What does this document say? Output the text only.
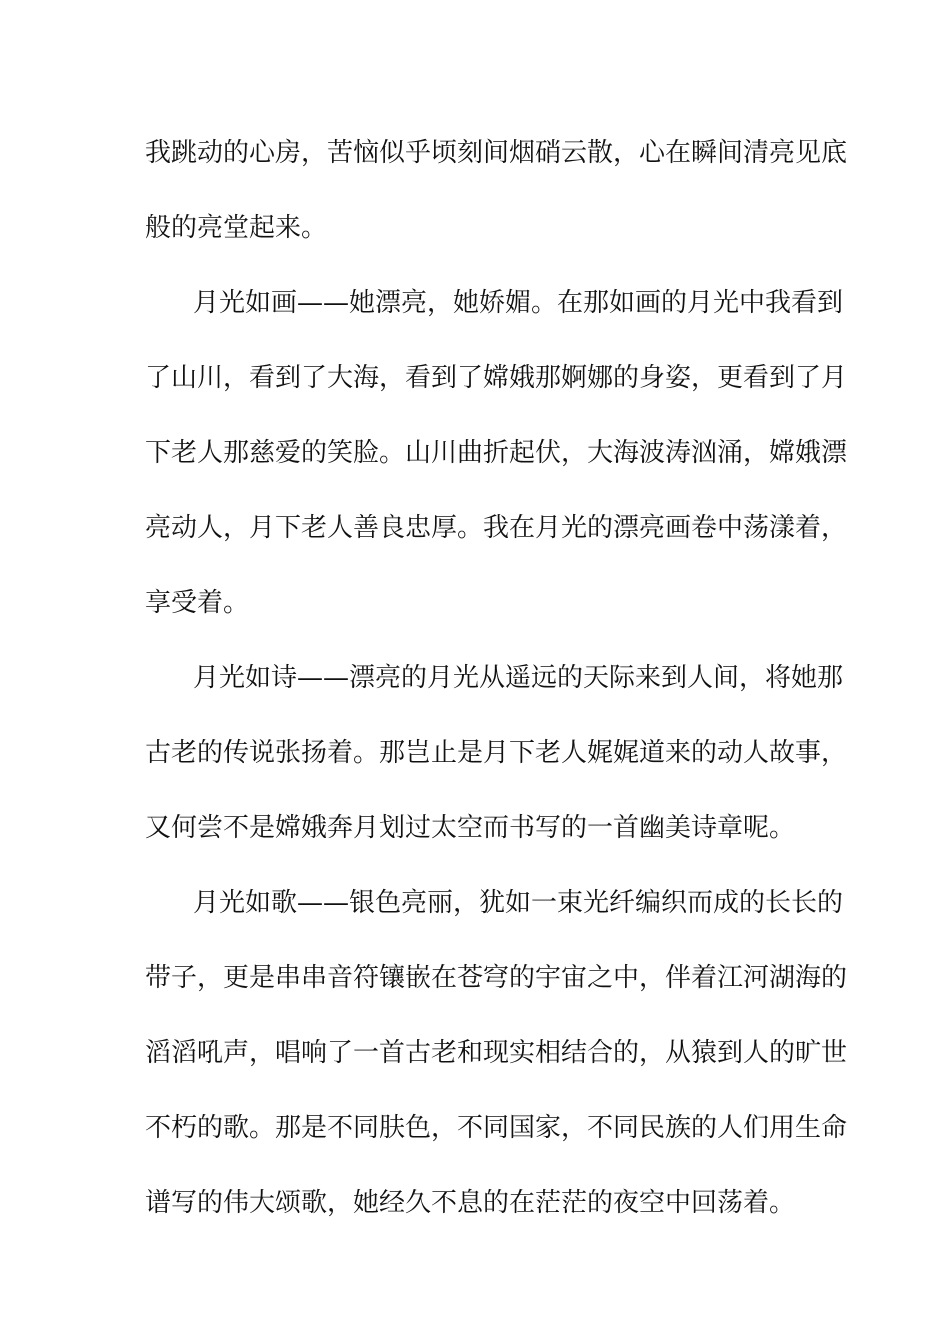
我跳动的心房，苦恼似乎顷刻间烟硝云散，心在瞬间清亮见底
般的亮堂起来。
月光如画——她漂亮，她娇媚。在那如画的月光中我看到
了山川，看到了大海，看到了嫦娥那婀娜的身姿，更看到了月
下老人那慈爱的笑脸。山川曲折起伏，大海波涛汹涌，嫦娥漂
亮动人，月下老人善良忠厚。我在月光的漂亮画卷中荡漾着，
享受着。
月光如诗——漂亮的月光从遥远的天际来到人间，将她那
古老的传说张扬着。那岂止是月下老人娓娓道来的动人故事，
又何尝不是嫦娥奔月划过太空而书写的一首幽美诗章呢。
月光如歌——银色亮丽，犹如一束光纤编织而成的长长的
带子，更是串串音符镶嵌在苍穹的宇宙之中，伴着江河湖海的
滔滔吼声，唱响了一首古老和现实相结合的，从猿到人的旷世
不朽的歌。那是不同肤色，不同国家，不同民族的人们用生命
谱写的伟大颂歌，她经久不息的在茫茫的夜空中回荡着。
